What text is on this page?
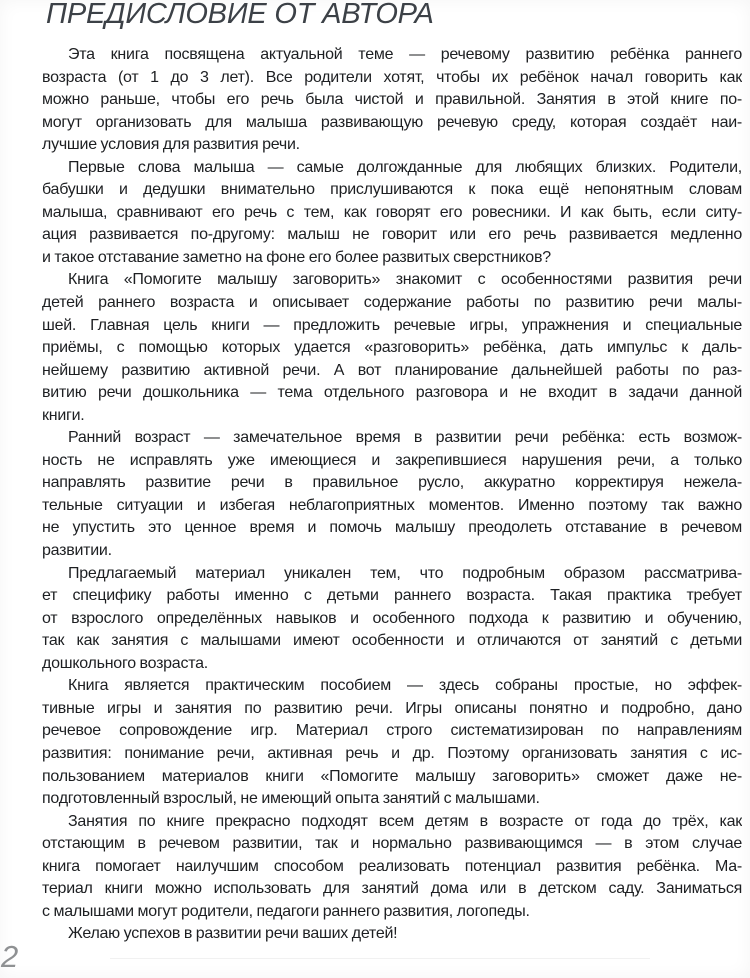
ПРЕДИСЛОВИЕ ОТ АВТОРА
Эта книга посвящена актуальной теме — речевому развитию ребёнка раннего
возраста (от 1 до 3 лет). Все родители хотят, чтобы их ребёнок начал говорить как
можно раньше, чтобы его речь была чистой и правильной. Занятия в этой книге по-
могут организовать для малыша развивающую речевую среду, которая создаёт наи-
лучшие условия для развития речи.
Первые слова малыша — самые долгожданные для любящих близких. Родители,
бабушки и дедушки внимательно прислушиваются к пока ещё непонятным словам
малыша, сравнивают его речь с тем, как говорят его ровесники. И как быть, если ситу-
ация развивается по-другому: малыш не говорит или его речь развивается медленно
и такое отставание заметно на фоне его более развитых сверстников?
Книга «Помогите малышу заговорить» знакомит с особенностями развития речи
детей раннего возраста и описывает содержание работы по развитию речи малы-
шей. Главная цель книги — предложить речевые игры, упражнения и специальные
приёмы, с помощью которых удается «разговорить» ребёнка, дать импульс к даль-
нейшему развитию активной речи. А вот планирование дальнейшей работы по раз-
витию речи дошкольника — тема отдельного разговора и не входит в задачи данной
книги.
Ранний возраст — замечательное время в развитии речи ребёнка: есть возмож-
ность не исправлять уже имеющиеся и закрепившиеся нарушения речи, а только
направлять развитие речи в правильное русло, аккуратно корректируя нежела-
тельные ситуации и избегая неблагоприятных моментов. Именно поэтому так важно
не упустить это ценное время и помочь малышу преодолеть отставание в речевом
развитии.
Предлагаемый материал уникален тем, что подробным образом рассматрива-
ет специфику работы именно с детьми раннего возраста. Такая практика требует
от взрослого определённых навыков и особенного подхода к развитию и обучению,
так как занятия с малышами имеют особенности и отличаются от занятий с детьми
дошкольного возраста.
Книга является практическим пособием — здесь собраны простые, но эффек-
тивные игры и занятия по развитию речи. Игры описаны понятно и подробно, дано
речевое сопровождение игр. Материал строго систематизирован по направлениям
развития: понимание речи, активная речь и др. Поэтому организовать занятия с ис-
пользованием материалов книги «Помогите малышу заговорить» сможет даже не-
подготовленный взрослый, не имеющий опыта занятий с малышами.
Занятия по книге прекрасно подходят всем детям в возрасте от года до трёх, как
отстающим в речевом развитии, так и нормально развивающимся — в этом случае
книга помогает наилучшим способом реализовать потенциал развития ребёнка. Ма-
териал книги можно использовать для занятий дома или в детском саду. Заниматься
с малышами могут родители, педагоги раннего развития, логопеды.
Желаю успехов в развитии речи ваших детей!
2
